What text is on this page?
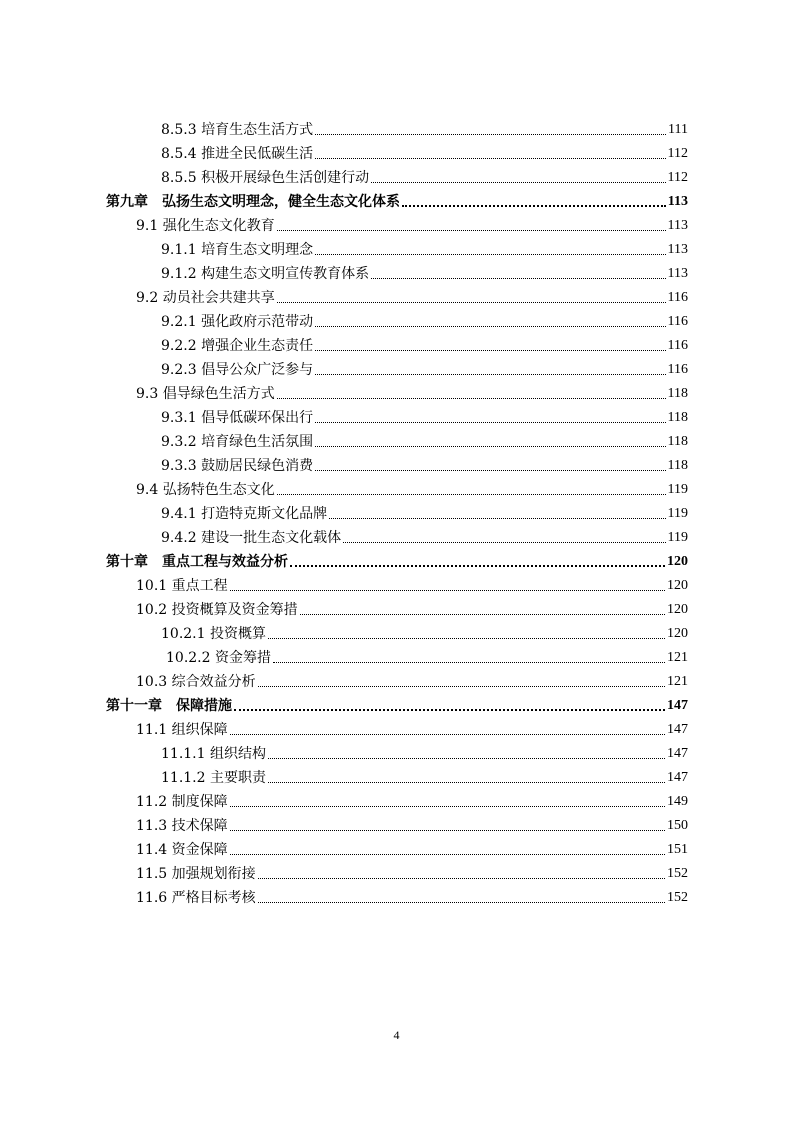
8.5.3 培育生态生活方式	111
8.5.4 推进全民低碳生活	112
8.5.5 积极开展绿色生活创建行动	112
第九章　弘扬生态文明理念，健全生态文化体系	113
9.1 强化生态文化教育	113
9.1.1 培育生态文明理念	113
9.1.2 构建生态文明宣传教育体系	113
9.2 动员社会共建共享	116
9.2.1 强化政府示范带动	116
9.2.2 增强企业生态责任	116
9.2.3 倡导公众广泛参与	116
9.3 倡导绿色生活方式	118
9.3.1 倡导低碳环保出行	118
9.3.2 培育绿色生活氛围	118
9.3.3 鼓励居民绿色消费	118
9.4 弘扬特色生态文化	119
9.4.1 打造特克斯文化品牌	119
9.4.2 建设一批生态文化载体	119
第十章　重点工程与效益分析	120
10.1 重点工程	120
10.2 投资概算及资金筹措	120
10.2.1 投资概算	120
10.2.2 资金筹措	121
10.3 综合效益分析	121
第十一章　保障措施	147
11.1 组织保障	147
11.1.1 组织结构	147
11.1.2 主要职责	147
11.2 制度保障	149
11.3 技术保障	150
11.4 资金保障	151
11.5 加强规划衔接	152
11.6 严格目标考核	152
4
